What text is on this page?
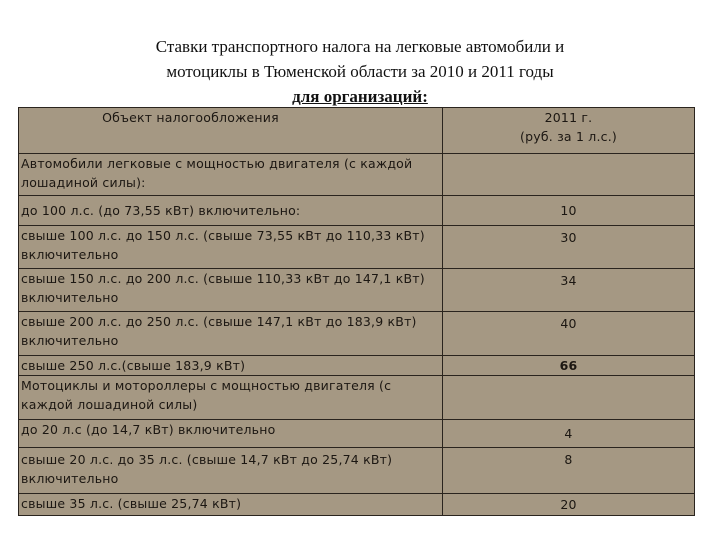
Ставки транспортного налога на легковые автомобили и
мотоциклы в Тюменской области за 2010 и 2011 годы
для организаций:
Объект налогообложения	2011 г.
(руб. за 1 л.с.)

Автомобили легковые с мощностью двигателя (с каждой лошадиной силы):	
до 100 л.с. (до 73,55 кВт) включительно:	10
свыше 100 л.с. до 150 л.с. (свыше 73,55 кВт до 110,33 кВт) включительно	30
свыше 150 л.с. до 200 л.с. (свыше 110,33 кВт до 147,1 кВт) включительно	34
свыше 200 л.с. до 250 л.с. (свыше 147,1 кВт до 183,9 кВт) включительно	40
свыше 250 л.с.(свыше 183,9 кВт)	66
Мотоциклы и мотороллеры с мощностью двигателя (с каждой лошадиной силы)	
до 20 л.с (до 14,7 кВт) включительно	4
свыше 20 л.с. до 35 л.с. (свыше 14,7 кВт до 25,74 кВт) включительно	8
свыше 35 л.с. (свыше 25,74 кВт)	20
